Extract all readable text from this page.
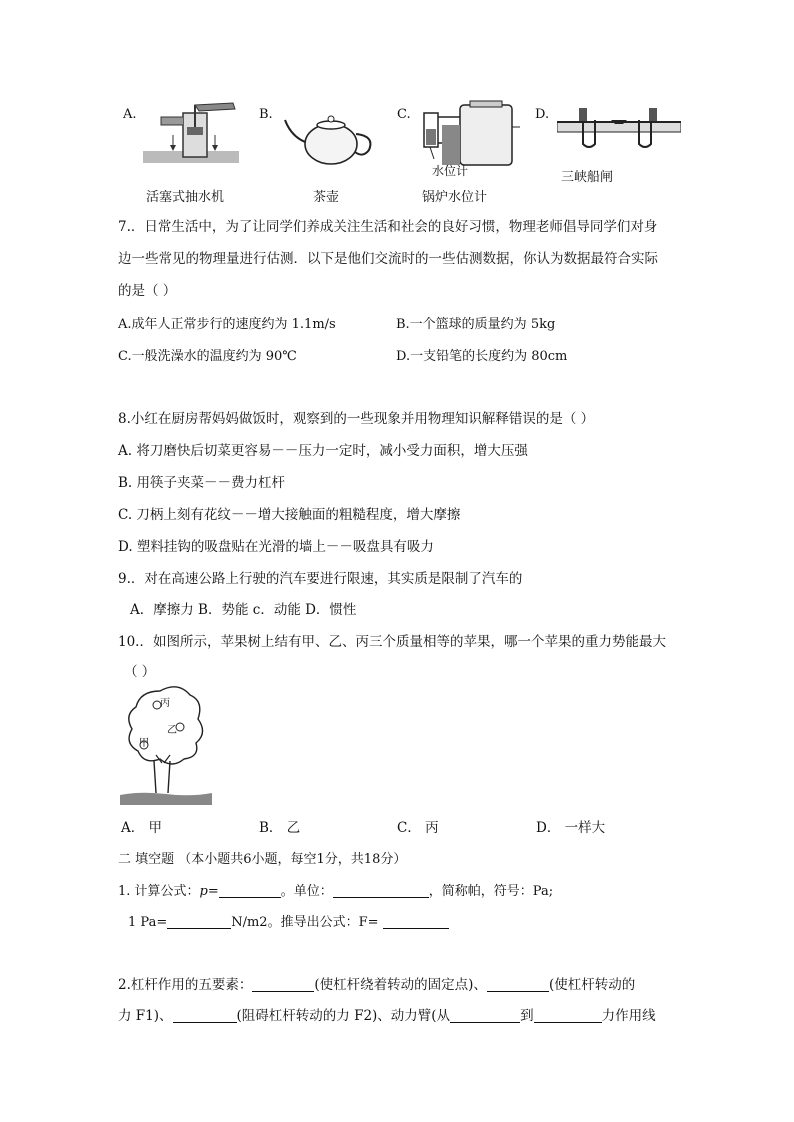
A.	B.	C.	D.
水位计
活塞式抽水机	茶壶	锅炉水位计
三峡船闸
7.．日常生活中，为了让同学们养成关注生活和社会的良好习惯，物理老师倡导同学们对身
边一些常见的物理量进行估测．以下是他们交流时的一些估测数据，你认为数据最符合实际
的是（ ）
A.成年人正常步行的速度约为 1.1m/s	B.一个篮球的质量约为 5kg
C.一般洗澡水的温度约为 90℃	D.一支铅笔的长度约为 80cm
8.小红在厨房帮妈妈做饭时，观察到的一些现象并用物理知识解释错误的是（ ）
A. 将刀磨快后切菜更容易－－压力一定时，减小受力面积，增大压强
B. 用筷子夹菜－－费力杠杆
C. 刀柄上刻有花纹－－增大接触面的粗糙程度，增大摩擦
D. 塑料挂钩的吸盘贴在光滑的墙上－－吸盘具有吸力
9.．对在高速公路上行驶的汽车要进行限速，其实质是限制了汽车的
A．摩擦力 B．势能 c．动能 D．惯性
10.．如图所示，苹果树上结有甲、乙、丙三个质量相等的苹果，哪一个苹果的重力势能最大
（ ）
丙
乙
甲
A． 甲	B． 乙	C． 丙	D． 一样大
二 填空题 （本小题共6小题，每空1分，共18分）
1. 计算公式：p=	。单位：	，简称帕，符号：Pa;
1 Pa=	N/m2。推导出公式：F=
2.杠杆作用的五要素：	(使杠杆绕着转动的固定点)、	(使杠杆转动的
力 F1)、	(阻碍杠杆转动的力 F2)、动力臂(从	到	力作用线
